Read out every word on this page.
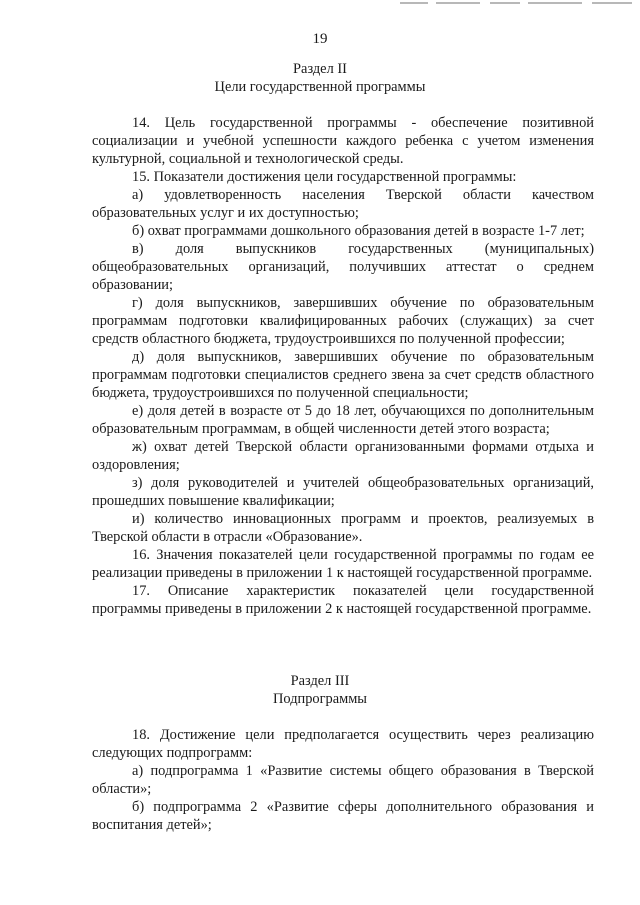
19
Раздел II
Цели государственной программы

14. Цель государственной программы - обеспечение позитивной социализации и учебной успешности каждого ребенка с учетом изменения культурной, социальной и технологической среды.

15. Показатели достижения цели государственной программы:

а) удовлетворенность населения Тверской области качеством образовательных услуг и их доступностью;

б) охват программами дошкольного образования детей в возрасте 1-7 лет;

в) доля выпускников государственных (муниципальных) общеобразовательных организаций, получивших аттестат о среднем образовании;

г) доля выпускников, завершивших обучение по образовательным программам подготовки квалифицированных рабочих (служащих) за счет средств областного бюджета, трудоустроившихся по полученной профессии;

д) доля выпускников, завершивших обучение по образовательным программам подготовки специалистов среднего звена за счет средств областного бюджета, трудоустроившихся по полученной специальности;

е) доля детей в возрасте от 5 до 18 лет, обучающихся по дополнительным образовательным программам, в общей численности детей этого возраста;

ж) охват детей Тверской области организованными формами отдыха и оздоровления;

з) доля руководителей и учителей общеобразовательных организаций, прошедших повышение квалификации;

и) количество инновационных программ и проектов, реализуемых в Тверской области в отрасли «Образование».

16. Значения показателей цели государственной программы по годам ее реализации приведены в приложении 1 к настоящей государственной программе.

17. Описание характеристик показателей цели государственной программы приведены в приложении 2 к настоящей государственной программе.

Раздел III
Подпрограммы

18. Достижение цели предполагается осуществить через реализацию следующих подпрограмм:

а) подпрограмма 1 «Развитие системы общего образования в Тверской области»;

б) подпрограмма 2 «Развитие сферы дополнительного образования и воспитания детей»;
